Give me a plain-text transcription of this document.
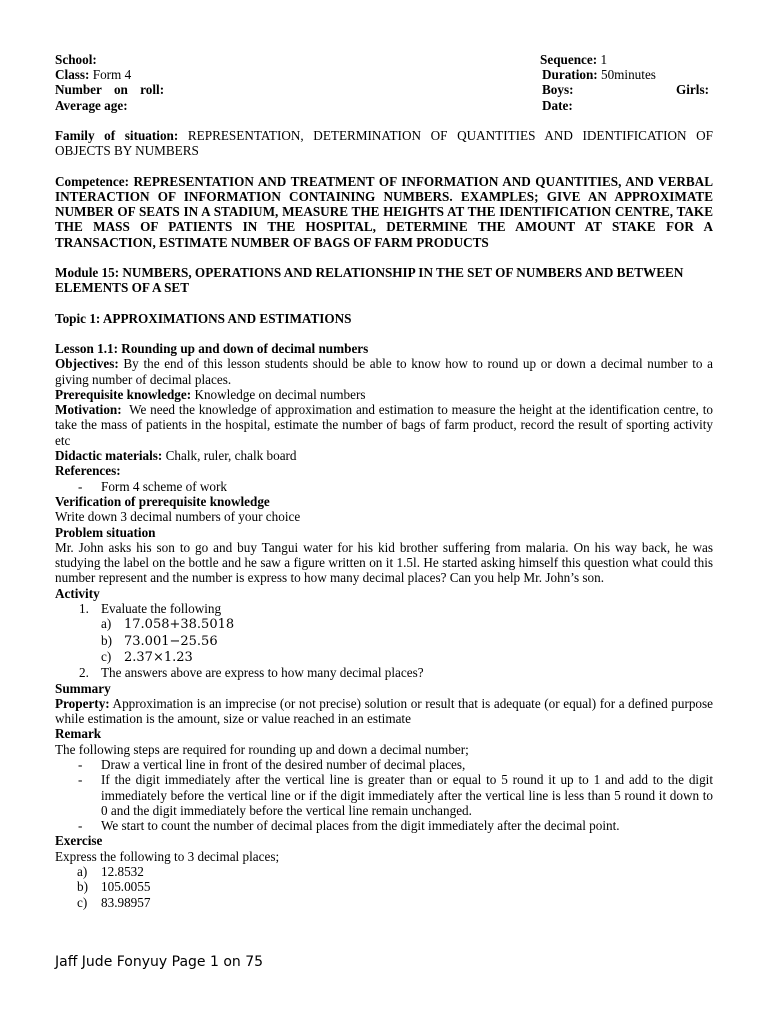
School:
Class: Form 4
Number on roll:
Average age:
Sequence: 1
Duration: 50minutes
Boys:	Girls:
Date:

Family of situation: REPRESENTATION, DETERMINATION OF QUANTITIES AND IDENTIFICATION OF OBJECTS BY NUMBERS

Competence: REPRESENTATION AND TREATMENT OF INFORMATION AND QUANTITIES, AND VERBAL INTERACTION OF INFORMATION CONTAINING NUMBERS. EXAMPLES; GIVE AN APPROXIMATE NUMBER OF SEATS IN A STADIUM, MEASURE THE HEIGHTS AT THE IDENTIFICATION CENTRE, TAKE THE MASS OF PATIENTS IN THE HOSPITAL, DETERMINE THE AMOUNT AT STAKE FOR A TRANSACTION, ESTIMATE NUMBER OF BAGS OF FARM PRODUCTS

Module 15: NUMBERS, OPERATIONS AND RELATIONSHIP IN THE SET OF NUMBERS AND BETWEEN ELEMENTS OF A SET

Topic 1: APPROXIMATIONS AND ESTIMATIONS

Lesson 1.1: Rounding up and down of decimal numbers

Objectives: By the end of this lesson students should be able to know how to round up or down a decimal number to a giving number of decimal places.

Prerequisite knowledge: Knowledge on decimal numbers

Motivation: We need the knowledge of approximation and estimation to measure the height at the identification centre, to take the mass of patients in the hospital, estimate the number of bags of farm product, record the result of sporting activity etc

Didactic materials: Chalk, ruler, chalk board

References:

- Form 4 scheme of work

Verification of prerequisite knowledge

Write down 3 decimal numbers of your choice

Problem situation

Mr. John asks his son to go and buy Tangui water for his kid brother suffering from malaria. On his way back, he was studying the label on the bottle and he saw a figure written on it 1.5l. He started asking himself this question what could this number represent and the number is express to how many decimal places? Can you help Mr. John’s son.

Activity

1. Evaluate the following

a) 17.058+38.5018

b) 73.001−25.56

c) 2.37×1.23

2. The answers above are express to how many decimal places?

Summary

Property: Approximation is an imprecise (or not precise) solution or result that is adequate (or equal) for a defined purpose while estimation is the amount, size or value reached in an estimate

Remark

The following steps are required for rounding up and down a decimal number;

- Draw a vertical line in front of the desired number of decimal places,

- If the digit immediately after the vertical line is greater than or equal to 5 round it up to 1 and add to the digit immediately before the vertical line or if the digit immediately after the vertical line is less than 5 round it down to 0 and the digit immediately before the vertical line remain unchanged.

- We start to count the number of decimal places from the digit immediately after the decimal point.

Exercise

Express the following to 3 decimal places;

a) 12.8532

b) 105.0055

c) 83.98957

Jaff Jude Fonyuy Page 1 on 75
